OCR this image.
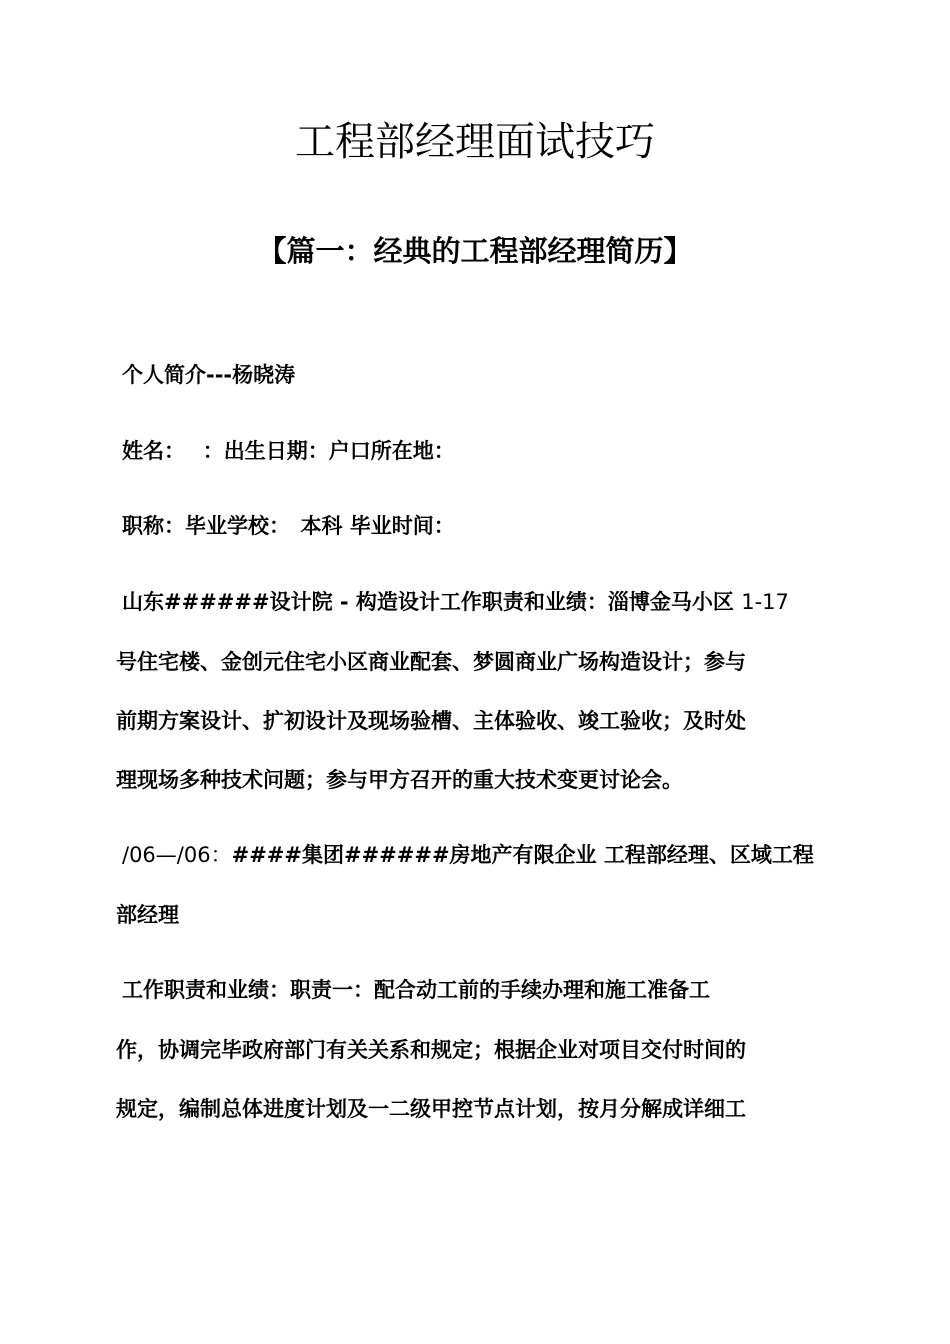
工程部经理面试技巧
【篇一：经典的工程部经理简历】

个人简介---杨晓涛

姓名：　 ：出生日期：户口所在地：

职称：毕业学校：　本科 毕业时间：

山东######设计院 - 构造设计工作职责和业绩：淄博金马小区 1-17

号住宅楼、金创元住宅小区商业配套、梦圆商业广场构造设计；参与

前期方案设计、扩初设计及现场验槽、主体验收、竣工验收；及时处

理现场多种技术问题；参与甲方召开的重大技术变更讨论会。

/06—/06：####集团######房地产有限企业 工程部经理、区域工程

部经理

工作职责和业绩：职责一：配合动工前的手续办理和施工准备工

作，协调完毕政府部门有关关系和规定；根据企业对项目交付时间的

规定，编制总体进度计划及一二级甲控节点计划，按月分解成详细工
